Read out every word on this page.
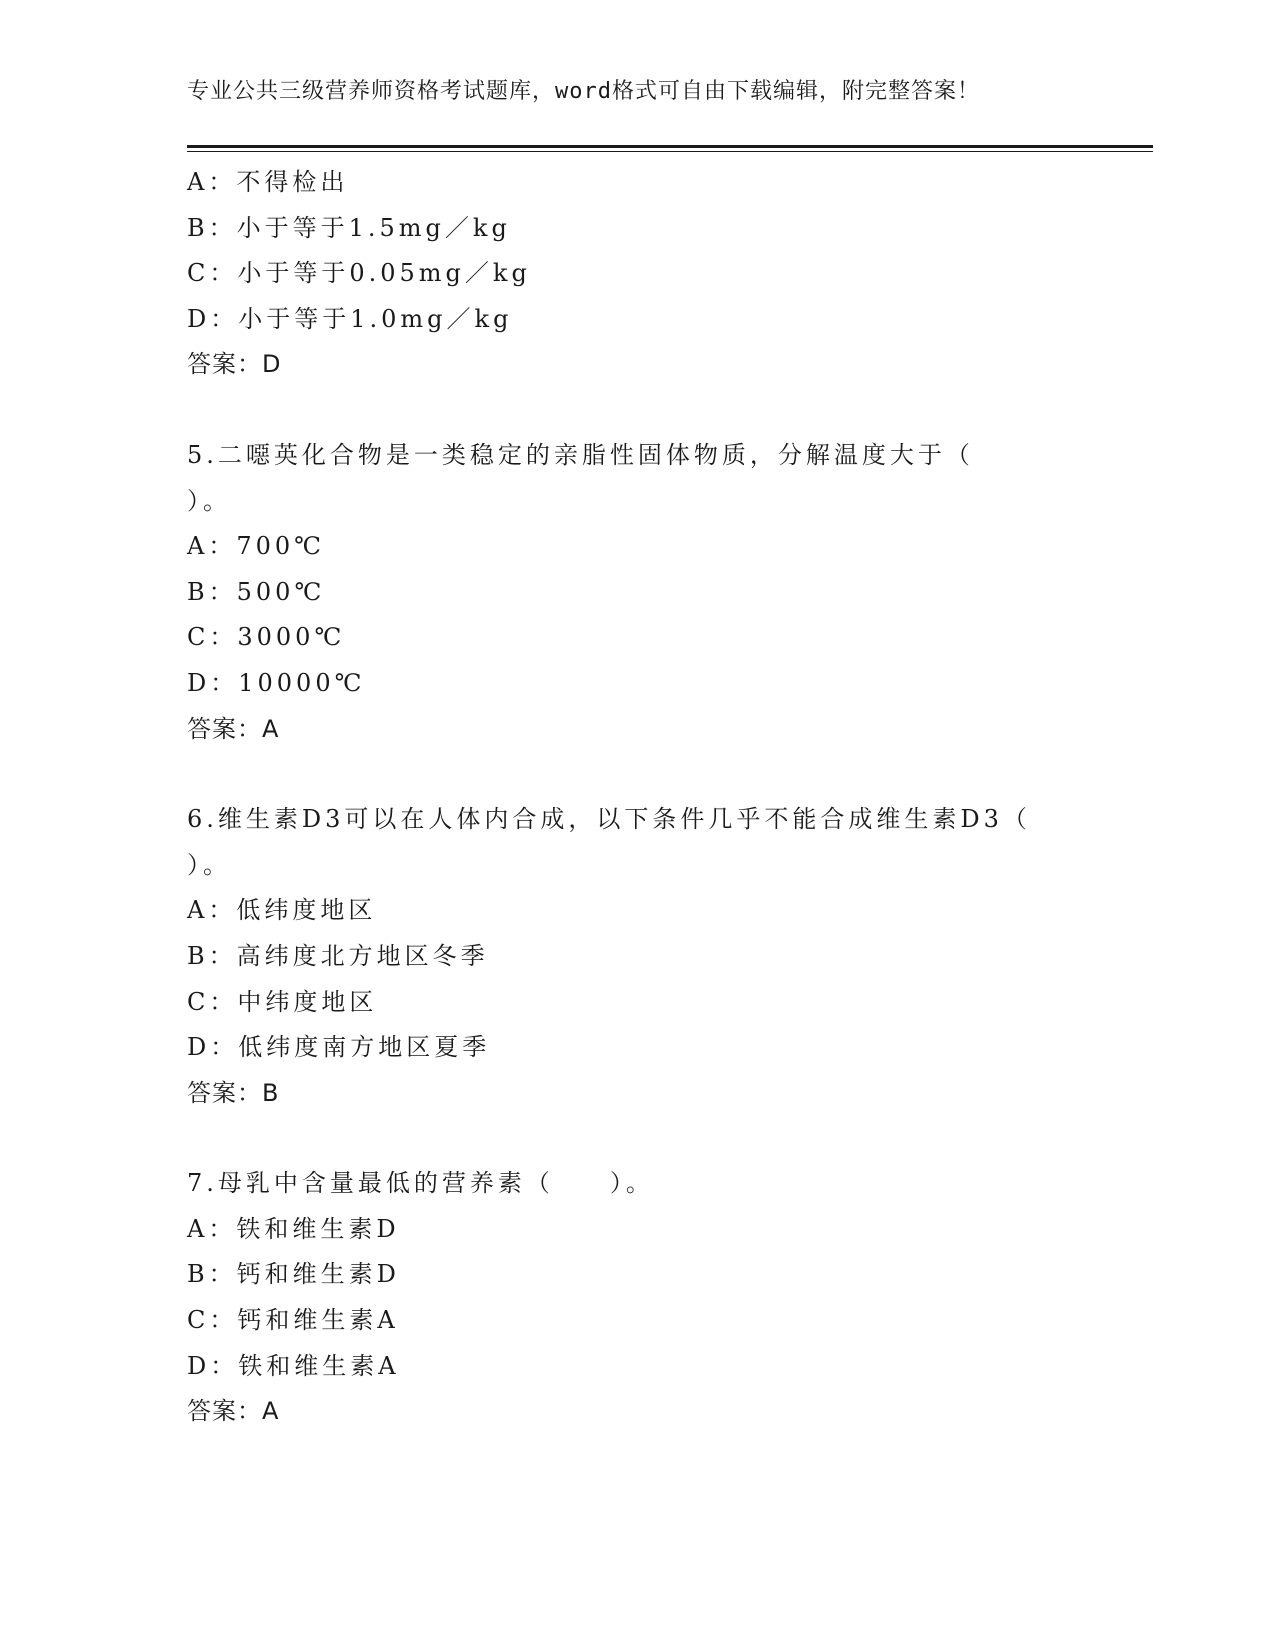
专业公共三级营养师资格考试题库，word格式可自由下载编辑，附完整答案！
A：不得检出
B：小于等于1.5mg／kg
C：小于等于0.05mg／kg
D：小于等于1.0mg／kg
答案：D
5.二噁英化合物是一类稳定的亲脂性固体物质，分解温度大于（
）。
A：700℃
B：500℃
C：3000℃
D：10000℃
答案：A
6.维生素D3可以在人体内合成，以下条件几乎不能合成维生素D3（
）。
A：低纬度地区
B：高纬度北方地区冬季
C：中纬度地区
D：低纬度南方地区夏季
答案：B
7.母乳中含量最低的营养素（　　）。
A：铁和维生素D
B：钙和维生素D
C：钙和维生素A
D：铁和维生素A
答案：A
